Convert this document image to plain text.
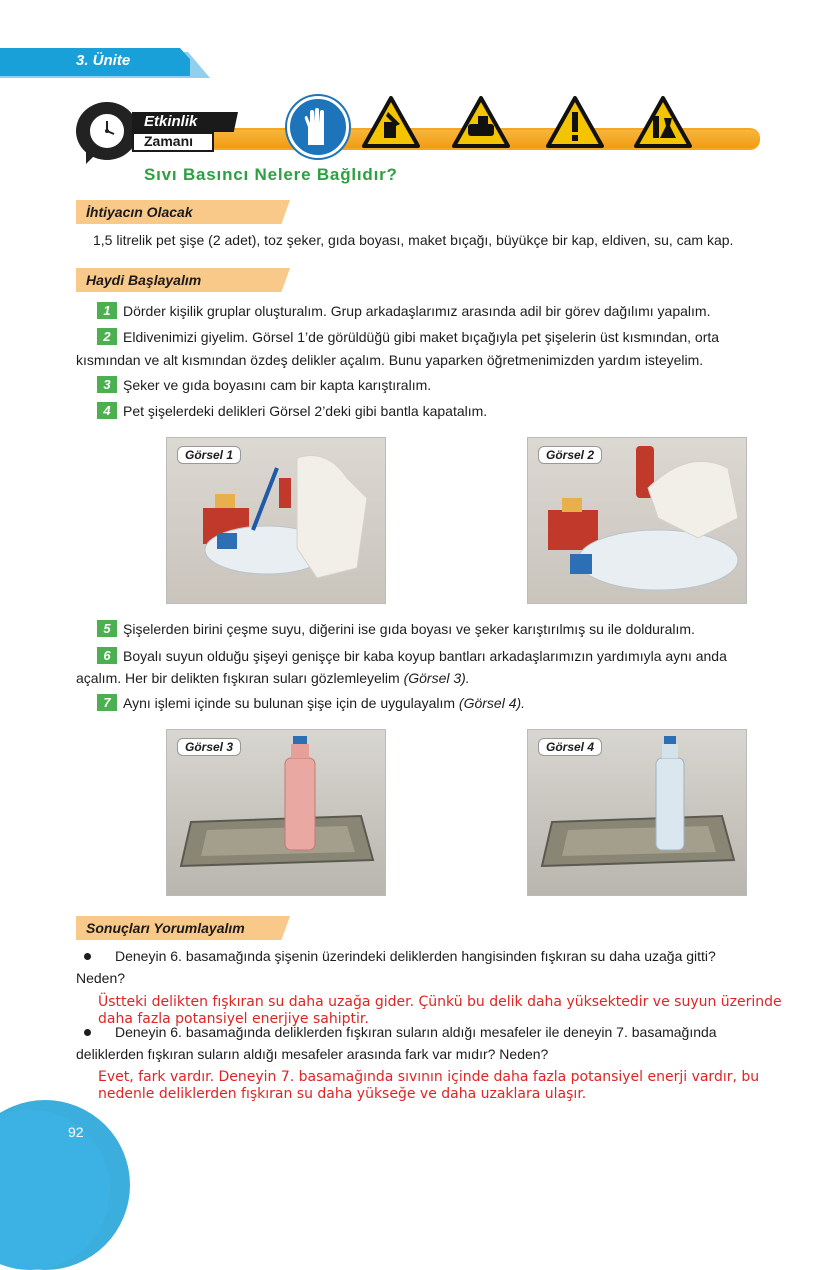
3. Ünite
Etkinlik
Zamanı
Sıvı Basıncı Nelere Bağlıdır?
İhtiyacın Olacak
1,5 litrelik pet şişe (2 adet), toz şeker, gıda boyası, maket bıçağı, büyükçe bir kap, eldiven, su, cam kap.
Haydi Başlayalım
1 Dörder kişilik gruplar oluşturalım. Grup arkadaşlarımız arasında adil bir görev dağılımı yapalım.
2 Eldivenimizi giyelim. Görsel 1’de görüldüğü gibi maket bıçağıyla pet şişelerin üst kısmından, orta
kısmından ve alt kısmından özdeş delikler açalım. Bunu yaparken öğretmenimizden yardım isteyelim.
3 Şeker ve gıda boyasını cam bir kapta karıştıralım.
4 Pet şişelerdeki delikleri Görsel 2’deki gibi bantla kapatalım.
Görsel 1	Görsel 2
5 Şişelerden birini çeşme suyu, diğerini ise gıda boyası ve şeker karıştırılmış su ile dolduralım.
6 Boyalı suyun olduğu şişeyi genişçe bir kaba koyup bantları arkadaşlarımızın yardımıyla aynı anda
açalım. Her bir delikten fışkıran suları gözlemleyelim (Görsel 3).
7 Aynı işlemi içinde su bulunan şişe için de uygulayalım (Görsel 4).
Görsel 3	Görsel 4
Sonuçları Yorumlayalım
Deneyin 6. basamağında şişenin üzerindeki deliklerden hangisinden fışkıran su daha uzağa gitti?
Neden?
Üstteki delikten fışkıran su daha uzağa gider. Çünkü bu delik daha yüksektedir ve suyun üzerinde daha fazla potansiyel enerjiye sahiptir.
Deneyin 6. basamağında deliklerden fışkıran suların aldığı mesafeler ile deneyin 7. basamağında
deliklerden fışkıran suların aldığı mesafeler arasında fark var mıdır? Neden?
Evet, fark vardır. Deneyin 7. basamağında sıvının içinde daha fazla potansiyel enerji vardır, bu nedenle deliklerden fışkıran su daha yükseğe ve daha uzaklara ulaşır.
92
